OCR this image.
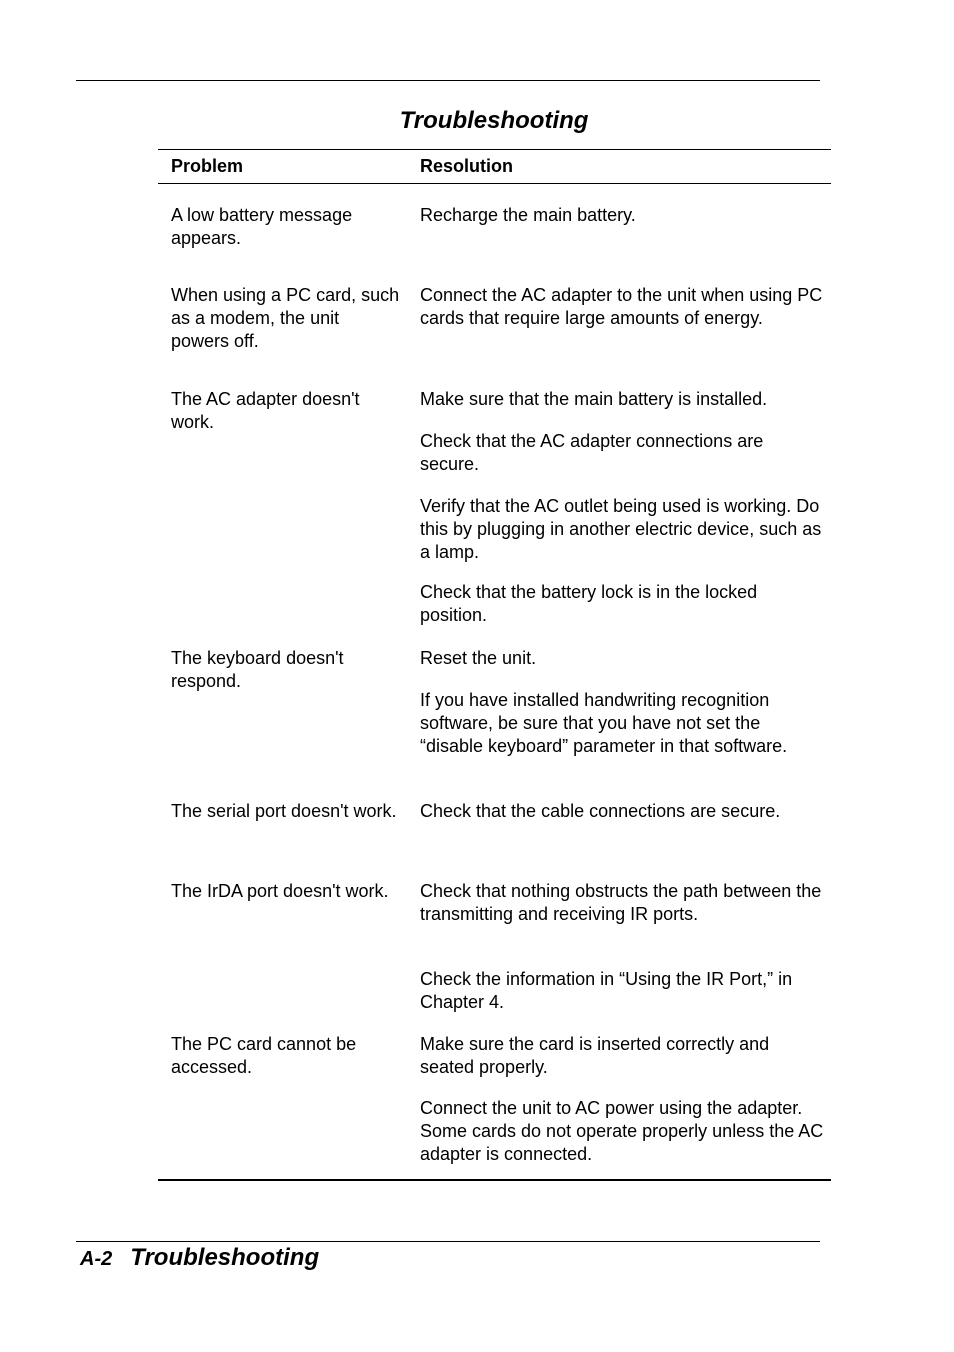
Troubleshooting
Problem	Resolution
A low battery message appears.
Recharge the main battery.
When using a PC card, such as a modem, the unit powers off.
Connect the AC adapter to the unit when using PC cards that require large amounts of energy.
The AC adapter doesn't work.
Make sure that the main battery is installed.
Check that the AC adapter connections are secure.
Verify that the AC outlet being used is working. Do this by plugging in another electric device, such as a lamp.
Check that the battery lock is in the locked position.
The keyboard doesn't respond.
Reset the unit.
If you have installed handwriting recognition software, be sure that you have not set the “disable keyboard” parameter in that software.
The serial port doesn't work. Check that the cable connections are secure.
The IrDA port doesn't work.	Check that nothing obstructs the path between the transmitting and receiving IR ports.
Check the information in “Using the IR Port,” in Chapter 4.
The PC card cannot be accessed.
Make sure the card is inserted correctly and seated properly.
Connect the unit to AC power using the adapter. Some cards do not operate properly unless the AC adapter is connected.
A-2 Troubleshooting
